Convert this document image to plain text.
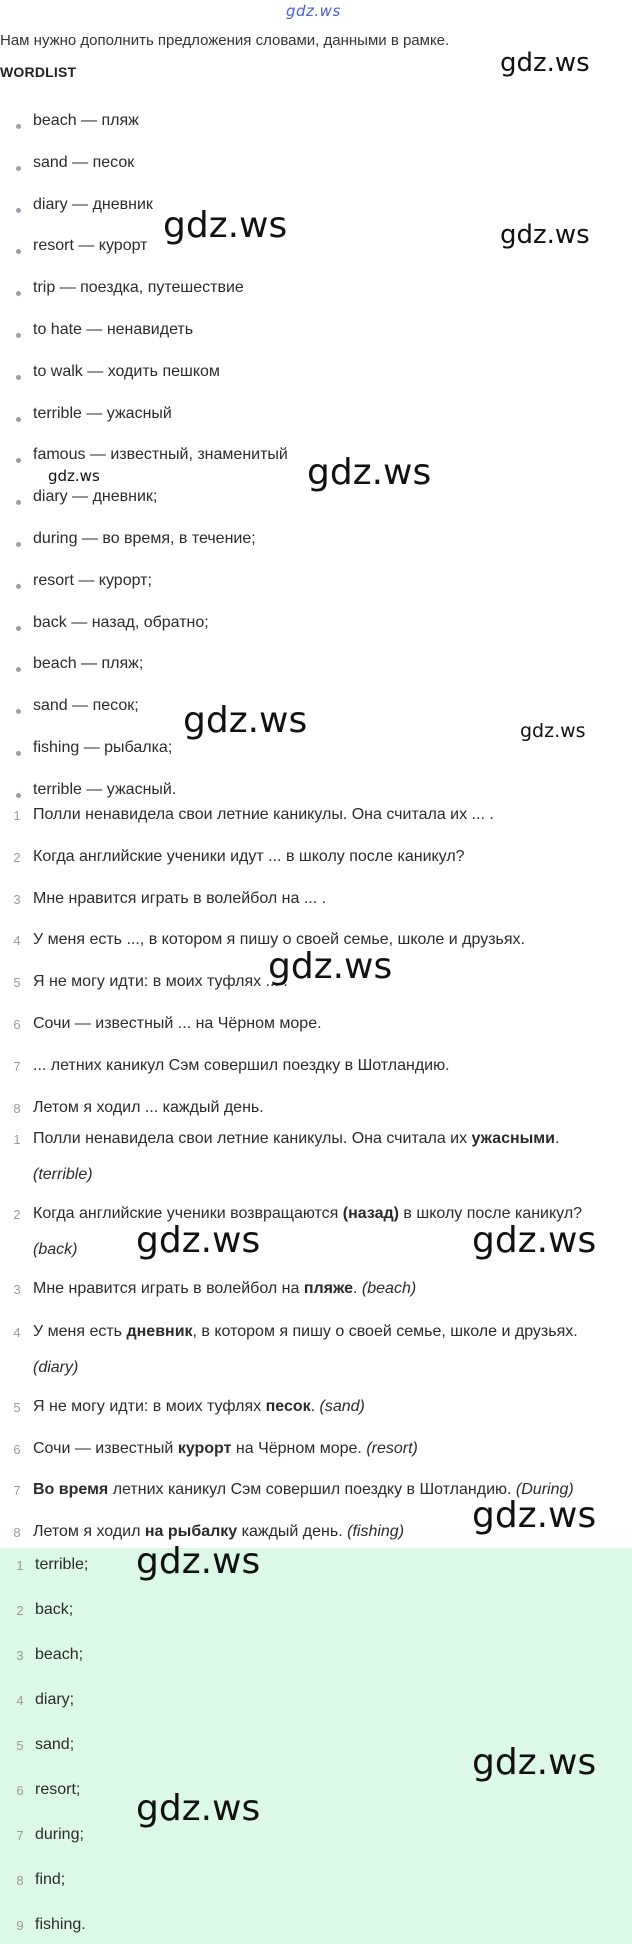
gdz.ws
Нам нужно дополнить предложения словами, данными в рамке.
WORDLIST
beach — пляж
sand — песок
diary — дневник
resort — курорт
trip — поездка, путешествие
to hate — ненавидеть
to walk — ходить пешком
terrible — ужасный
famous — известный, знаменитый
diary — дневник;
during — во время, в течение;
resort — курорт;
back — назад, обратно;
beach — пляж;
sand — песок;
fishing — рыбалка;
terrible — ужасный.
1 Полли ненавидела свои летние каникулы. Она считала их ... .
2 Когда английские ученики идут ... в школу после каникул?
3 Мне нравится играть в волейбол на ... .
4 У меня есть ..., в котором я пишу о своей семье, школе и друзьях.
5 Я не могу идти: в моих туфлях ... .
6 Сочи — известный ... на Чёрном море.
7 ... летних каникул Сэм совершил поездку в Шотландию.
8 Летом я ходил ... каждый день.
1 Полли ненавидела свои летние каникулы. Она считала их ужасными.
(terrible)
2 Когда английские ученики возвращаются (назад) в школу после каникул?
(back)
3 Мне нравится играть в волейбол на пляже. (beach)
4 У меня есть дневник, в котором я пишу о своей семье, школе и друзьях.
(diary)
5 Я не могу идти: в моих туфлях песок. (sand)
6 Сочи — известный курорт на Чёрном море. (resort)
7 Во время летних каникул Сэм совершил поездку в Шотландию. (During)
8 Летом я ходил на рыбалку каждый день. (fishing)
1 terrible;
2 back;
3 beach;
4 diary;
5 sand;
6 resort;
7 during;
8 find;
9 fishing.
gdz.ws
gdz.ws	gdz.ws
gdz.ws
gdz.ws
gdz.ws	gdz.ws
gdz.ws
gdz.ws	gdz.ws
gdz.ws
gdz.ws
gdz.ws
gdz.ws
